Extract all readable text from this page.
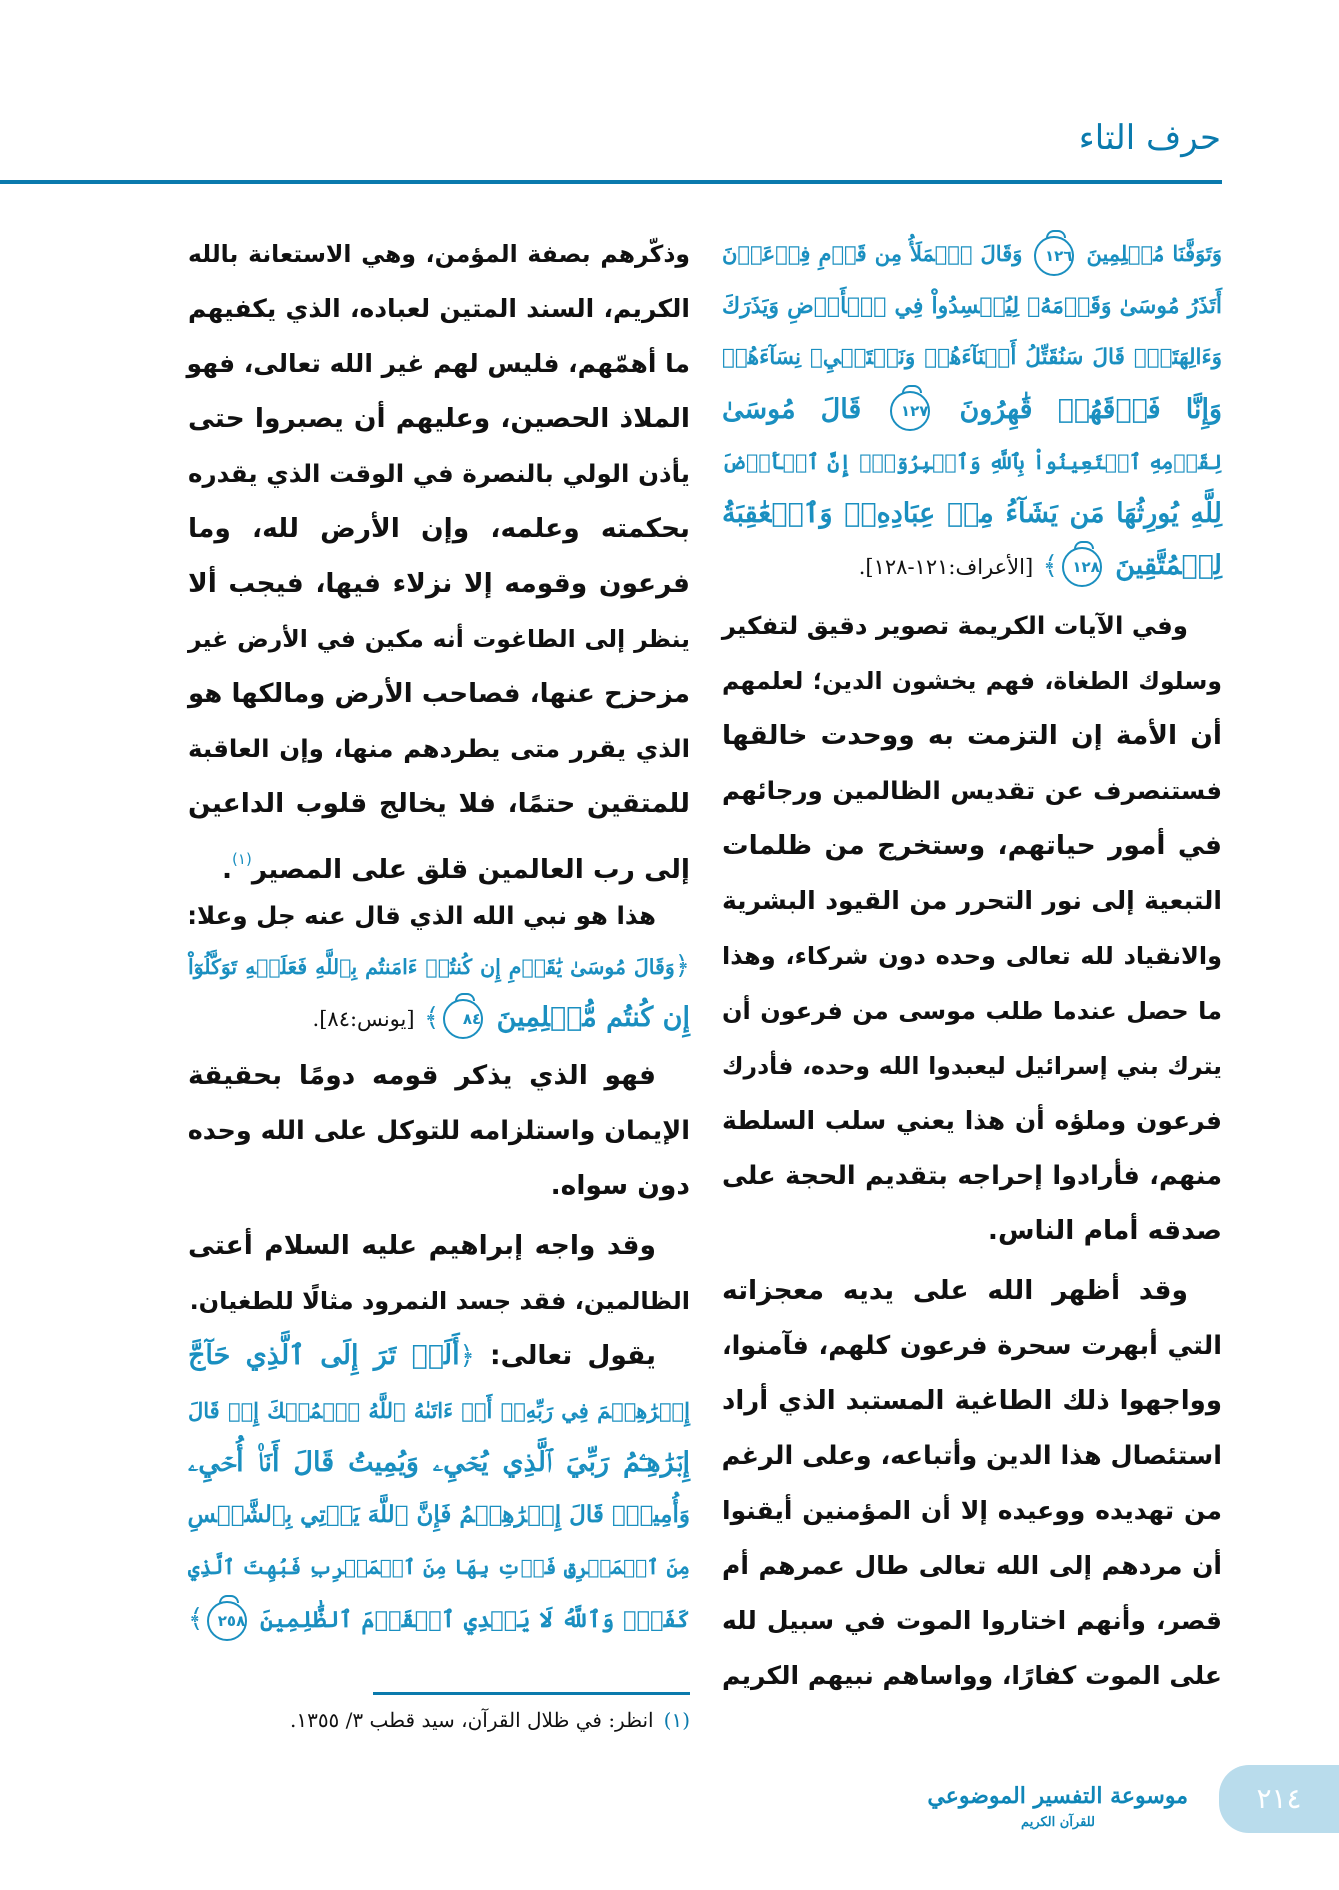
حرف التاء
وَتَوَفَّنَا مُسۡلِمِينَ ١٢٦ وَقَالَ ٱلۡمَلَأُ مِن قَوۡمِ فِرۡعَوۡنَ
أَتَذَرُ مُوسَىٰ وَقَوۡمَهُۥ لِيُفۡسِدُواْ فِي ٱلۡأَرۡضِ وَيَذَرَكَ
وَءَالِهَتَكَۚ قَالَ سَنُقَتِّلُ أَبۡنَآءَهُمۡ وَنَسۡتَحۡيِۦ نِسَآءَهُمۡ
وَإِنَّا فَوۡقَهُمۡ قَٰهِرُونَ ١٢٧ قَالَ مُوسَىٰ
لِقَوۡمِهِ ٱسۡتَعِينُواْ بِٱللَّهِ وَٱصۡبِرُوٓاْۖ إِنَّ ٱلۡأَرۡضَ
لِلَّهِ يُورِثُهَا مَن يَشَآءُ مِنۡ عِبَادِهِۦۖ وَٱلۡعَٰقِبَةُ
لِلۡمُتَّقِينَ ١٢٨﴾ [الأعراف:١٢١-١٢٨].
وفي الآيات الكريمة تصوير دقيق لتفكير
وسلوك الطغاة، فهم يخشون الدين؛ لعلمهم
أن الأمة إن التزمت به ووحدت خالقها
فستنصرف عن تقديس الظالمين ورجائهم
في أمور حياتهم، وستخرج من ظلمات
التبعية إلى نور التحرر من القيود البشرية
والانقياد لله تعالى وحده دون شركاء، وهذا
ما حصل عندما طلب موسى من فرعون أن
يترك بني إسرائيل ليعبدوا الله وحده، فأدرك
فرعون وملؤه أن هذا يعني سلب السلطة
منهم، فأرادوا إحراجه بتقديم الحجة على
صدقه أمام الناس.
وقد أظهر الله على يديه معجزاته
التي أبهرت سحرة فرعون كلهم، فآمنوا،
وواجهوا ذلك الطاغية المستبد الذي أراد
استئصال هذا الدين وأتباعه، وعلى الرغم
من تهديده ووعيده إلا أن المؤمنين أيقنوا
أن مردهم إلى الله تعالى طال عمرهم أم
قصر، وأنهم اختاروا الموت في سبيل لله
على الموت كفارًا، وواساهم نبيهم الكريم
وذكّرهم بصفة المؤمن، وهي الاستعانة بالله
الكريم، السند المتين لعباده، الذي يكفيهم
ما أهمّهم، فليس لهم غير الله تعالى، فهو
الملاذ الحصين، وعليهم أن يصبروا حتى
يأذن الولي بالنصرة في الوقت الذي يقدره
بحكمته وعلمه، وإن الأرض لله، وما
فرعون وقومه إلا نزلاء فيها، فيجب ألا
ينظر إلى الطاغوت أنه مكين في الأرض غير
مزحزح عنها، فصاحب الأرض ومالكها هو
الذي يقرر متى يطردهم منها، وإن العاقبة
للمتقين حتمًا، فلا يخالج قلوب الداعين
إلى رب العالمين قلق على المصير$^{(١)}$.
هذا هو نبي الله الذي قال عنه جل وعلا:
﴿وَقَالَ مُوسَىٰ يَٰقَوۡمِ إِن كُنتُمۡ ءَامَنتُم بِٱللَّهِ فَعَلَيۡهِ تَوَكَّلُوٓاْ
إِن كُنتُم مُّسۡلِمِينَ ٨٤﴾ [يونس:٨٤].
فهو الذي يذكر قومه دومًا بحقيقة
الإيمان واستلزامه للتوكل على الله وحده
دون سواه.
وقد واجه إبراهيم عليه السلام أعتى
الظالمين، فقد جسد النمرود مثالًا للطغيان.
يقول تعالى: ﴿أَلَمۡ تَرَ إِلَى ٱلَّذِي حَآجَّ
إِبۡرَٰهِـۧمَ فِي رَبِّهِۦٓ أَنۡ ءَاتَىٰهُ ٱللَّهُ ٱلۡمُلۡكَ إِذۡ قَالَ
إِبۡرَٰهِـۧمُ رَبِّيَ ٱلَّذِي يُحۡيِۦ وَيُمِيتُ قَالَ أَنَا۠ أُحۡيِۦ
وَأُمِيتُۖ قَالَ إِبۡرَٰهِـۧمُ فَإِنَّ ٱللَّهَ يَأۡتِي بِٱلشَّمۡسِ
مِنَ ٱلۡمَشۡرِقِ فَأۡتِ بِهَا مِنَ ٱلۡمَغۡرِبِ فَبُهِتَ ٱلَّذِي
كَفَرَۗ وَٱللَّهُ لَا يَهۡدِي ٱلۡقَوۡمَ ٱلظَّٰلِمِينَ ٢٥٨﴾
(١)انظر: في ظلال القرآن، سيد قطب ٣/ ١٣٥٥.
موسوعة التفسير الموضوعي
للقرآن الكريم
٢١٤
